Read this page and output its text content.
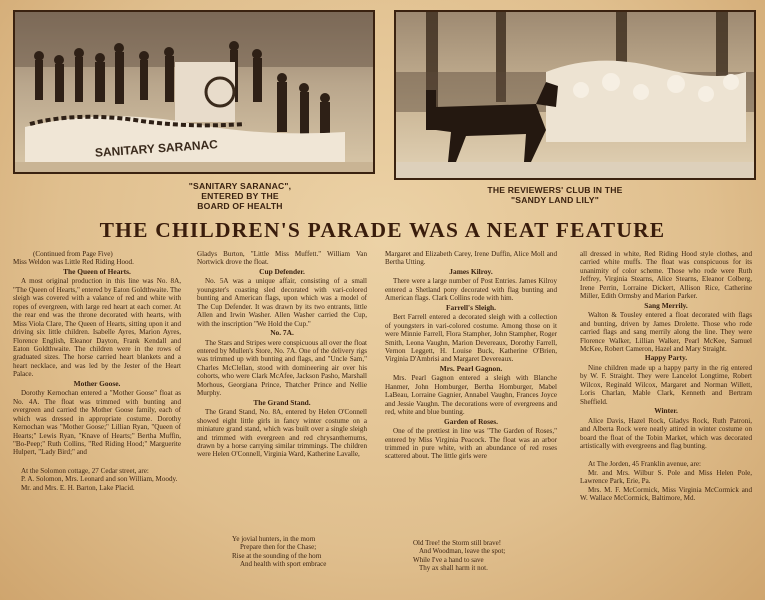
SANITARY SARANAC
"SANITARY SARANAC", ENTERED BY THE
BOARD OF HEALTH
THE REVIEWERS' CLUB IN THE
"SANDY LAND LILY"
THE CHILDREN'S PARADE WAS A NEAT FEATURE

(Continued from Page Five)

Miss Weldon was Little Red Riding Hood.

The Queen of Hearts.

A most original production in this line was No. 8A, "The Queen of Hearts," entered by Eaton Goldthwaite. The sleigh was covered with a valance of red and white with ropes of evergreen, with large red heart at each corner. At the rear end was the throne decorated with hearts, with Miss Viola Clare, The Queen of Hearts, sitting upon it and driving six little children. Isabelle Ayres, Marion Ayres, Florence English, Eleanor Dayton, Frank Kendall and Eaton Goldthwaite. The children were in the rows of graduated sizes. The horse carried heart blankets and a heart necklace, and was led by the Jester of the Heart Palace.

Mother Goose.

Dorothy Kernochan entered a "Mother Goose" float as No. 4A. The float was trimmed with bunting and evergreen and carried the Mother Goose family, each of which was dressed in appropriate costume. Dorothy Kernochan was "Mother Goose;" Lillian Ryan, "Queen of Hearts;" Lewis Ryan, "Knave of Hearts;" Bertha Muffin, "Bo-Peep;" Ruth Collins, "Red Riding Hood;" Marguerite Hulpert, "Lady Bird;" and

At the Solomon cottage, 27 Cedar street, are:

P. A. Solomon, Mrs. Leonard and son William, Moody.

Mr. and Mrs. E. H. Barton, Lake Placid.

Gladys Burton, "Little Miss Muffett." William Van Nortwick drove the float.

Cup Defender.

No. 5A was a unique affair, consisting of a small youngster's coasting sled decorated with vari-colored bunting and American flags, upon which was a model of The Cup Defender. It was drawn by its two entrants, little Allen and Irwin Washer. Allen Washer carried the Cup, with the inscription "We Hold the Cup."

No. 7A.

The Stars and Stripes were conspicuous all over the float entered by Mullen's Store, No. 7A. One of the delivery rigs was trimmed up with bunting and flags, and "Uncle Sam," Charles McClellan, stood with domineering air over his cohorts, who were Clark McAfee, Jackson Pasho, Marshall Morhous, Georgiana Prince, Thatcher Prince and Nellie Murphy.

The Grand Stand.

The Grand Stand, No. 8A, entered by Helen O'Connell showed eight little girls in fancy winter costume on a miniature grand stand, which was built over a single sleigh and trimmed with evergreen and red chrysanthemums, drawn by a horse carrying similar trimmings. The children were Helen O'Connell, Virginia Ward, Katherine Lavalle,

Margaret and Elizabeth Carey, Irene Duffin, Alice Moll and Bertha Utting.

James Kilroy.

There were a large number of Post Entries. James Kilroy entered a Shetland pony decorated with flag bunting and American flags. Clark Collins rode with him.

Farrell's Sleigh.

Bert Farrell entered a decorated sleigh with a collection of youngsters in vari-colored costume. Among those on it were Minnie Farrell, Flora Stampher, John Stampher, Roger Smith, Leona Vaughn, Marion Devereaux, Dorothy Farrell, Vernon Leggett, H. Louise Buck, Katherine O'Brien, Virginia D'Ambrisi and Margaret Devereaux.

Mrs. Pearl Gagnon.

Mrs. Pearl Gagnon entered a sleigh with Blanche Hanmer, John Homburger, Bertha Homburger, Mabel LaBeau, Lorraine Gagnier, Annabel Vaughn, Frances Joyce and Jessie Vaughn. The decorations were of evergreens and red, white and blue bunting.

Garden of Roses.

One of the prettiest in line was "The Garden of Roses," entered by Miss Virginia Peacock. The float was an arbor trimmed in pure white, with an abundance of red roses scattered about. The little girls were

all dressed in white, Red Riding Hood style clothes, and carried white muffs. The float was conspicuous for its unanimity of color scheme. Those who rode were Ruth Jeffrey, Virginia Stearns, Alice Stearns, Eleanor Colberg, Irene Perrin, Lorraine Dickert, Allison Rice, Catherine Miller, Edith Ormsby and Marion Parker.

Sang Merrily.

Walton & Tousley entered a float decorated with flags and bunting, driven by James Drolette. Those who rode carried flags and sang merrily along the line. They were Florence Walker, Lillian Walker, Pearl McKee, Samuel McKee, Robert Cameron, Hazel and Mary Straight.

Happy Party.

Nine children made up a happy party in the rig entered by W. F. Straight. They were Lancelot Longtime, Robert Wilcox, Reginald Wilcox, Margaret and Norman Willett, Loris Charlan, Mable Clark, Kenneth and Bertram Sheffield.

Winter.

Alice Davis, Hazel Rock, Gladys Rock, Ruth Patroni, and Alberta Rock were neatly attired in winter costume on board the float of the Tobin Market, which was decorated artistically with evergreens and flag bunting.

At The Jorden, 45 Franklin avenue, are:

Mr. and Mrs. Wilbur S. Pole and Miss Helen Pole, Lawrence Park, Erie, Pa.

Mrs. M. F. McCormick, Miss Virginia McCormick and W. Wallace McCormick, Baltimore, Md.

Ye jovial hunters, in the morn
Prepare then for the Chase;
Rise at the sounding of the horn
And health with sport embrace
Old Tree! the Storm still brave!
And Woodman, leave the spot;
While I've a hand to save
Thy ax shall harm it not.
